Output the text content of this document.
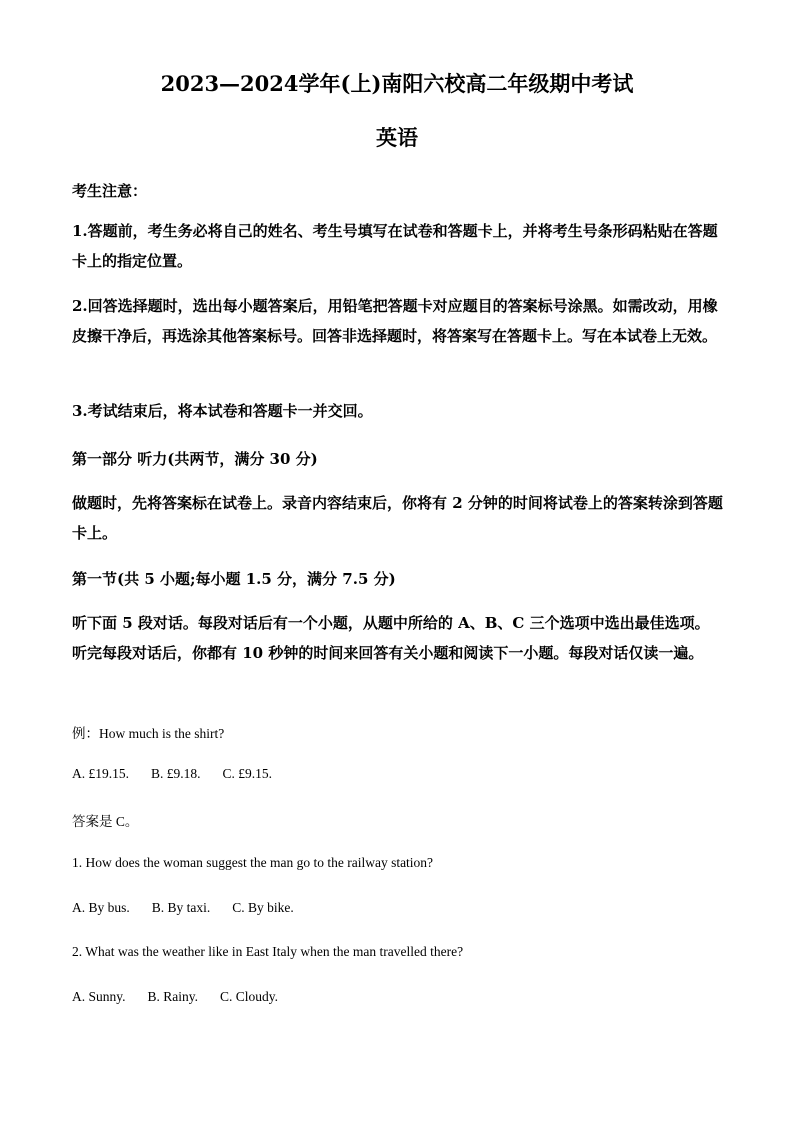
2023—2024学年(上)南阳六校高二年级期中考试
英语
考生注意：
1.答题前，考生务必将自己的姓名、考生号填写在试卷和答题卡上，并将考生号条形码粘贴在答题卡上的指定位置。
2.回答选择题时，选出每小题答案后，用铅笔把答题卡对应题目的答案标号涂黑。如需改动，用橡皮擦干净后，再选涂其他答案标号。回答非选择题时，将答案写在答题卡上。写在本试卷上无效。
3.考试结束后，将本试卷和答题卡一并交回。
第一部分 听力(共两节，满分 30 分)
做题时，先将答案标在试卷上。录音内容结束后，你将有 2 分钟的时间将试卷上的答案转涂到答题卡上。
第一节(共 5 小题;每小题 1.5 分，满分 7.5 分)
听下面 5 段对话。每段对话后有一个小题，从题中所给的 A、B、C 三个选项中选出最佳选项。听完每段对话后，你都有 10 秒钟的时间来回答有关小题和阅读下一小题。每段对话仅读一遍。
例：How much is the shirt?
A. £19.15. B. £9.18. C. £9.15.
答案是 C。
1. How does the woman suggest the man go to the railway station?
A. By bus. B. By taxi. C. By bike.
2. What was the weather like in East Italy when the man travelled there?
A. Sunny. B. Rainy. C. Cloudy.
